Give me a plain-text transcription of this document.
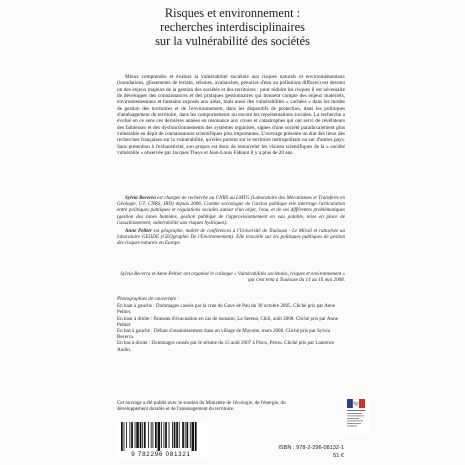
Risques et environnement :
recherches interdisciplinaires
sur la vulnérabilité des sociétés

Mieux comprendre et évaluer la vulnérabilité sociétale aux risques naturels et environnementaux (inondations, glissements de terrain, séismes, avalanches, pénuries d'eau ou pollutions diffuses) est devenu un des enjeux majeurs de la gestion des sociétés et des territoires : pour réduire les risques il est nécessaire de développer des connaissances et des pratiques gestionnaires qui tiennent compte des enjeux matériels, environnementaux et humains exposés aux aléas, mais aussi des vulnérabilités « cachées » dans les modes de gestion des territoires et de l'environnement, dans les dispositifs de protection, dans les politiques d'aménagement du territoire, dans les comportements ou encore les représentations sociales. La recherche a évolué en ce sens ces dernières années en résonance aux crises et catastrophes qui ont servi de révélateurs des faiblesses et des dysfonctionnements des systèmes organisés, signes d'une société paradoxalement plus vulnérable en dépit de connaissances scientifiques plus importantes. L'ouvrage présente un état des lieux des recherches françaises sur la vulnérabilité, qu'elles portent sur le territoire métropolitain ou sur d'autres pays. Sans prétention à l'exhaustivité, son propos est donc de renouveler les visions scientifiques de la « société vulnérable » observée par Jacques Theys et Jean-Louis Fabiani il y a plus de 20 ans.

Sylvia Becerra est chargée de recherche au CNRS au LMTG (Laboratoire des Mécanismes et Transferts en Géologie, UT, CNRS, IRD) depuis 2006. Comme sociologue de l'action publique elle interroge l'articulation entre politiques publiques et régulations sociales autour d'un objet, l'eau, et de ses différentes problématiques (gestion des zones humides, gestion publique de l'approvisionnement en eau potable, mise en place de l'assainissement, vulnérabilité aux risques hydriques).

Anne Peltier est géographe, maître de conférences à l'Université de Toulouse - Le Mirail et rattachée au laboratoire GEODE (GEOgraphie De l'Environnement). Elle travaille sur les politiques publiques de gestion des risques naturels en Europe.

Sylvia Becerra et Anne Peltier ont organisé le colloque « Vulnérabilités sociétales, risques et environnement » qui s'est tenu à Toulouse du 14 au 16 mai 2008.
Photographies de couverture :

En haut à gauche : Dommages causés par la crue du Gave de Pau du 30 octobre 2005. Cliché pris par Anne Peltier.

En haut à droite : Panneau d'évacuation en cas de tsunami, La Serena, Chili, août 2008. Cliché pris par Anne Peltier.

En bas à gauche : Défaut d'assainissement dans un village de Mayotte, mars 2008. Cliché pris par Sylvia Becerra.

En bas à droite : Dommages causés par le séisme du 15 août 2007 à Pisco, Pérou. Cliché pris par Laurence Audin.

Cet ouvrage a été publié avec le soutien du Ministère de l'écologie, de l'énergie, du développement durable et de l'aménagement du territoire.
9 782296 081321
ISBN : 978-2-296-08132-1
51 €
